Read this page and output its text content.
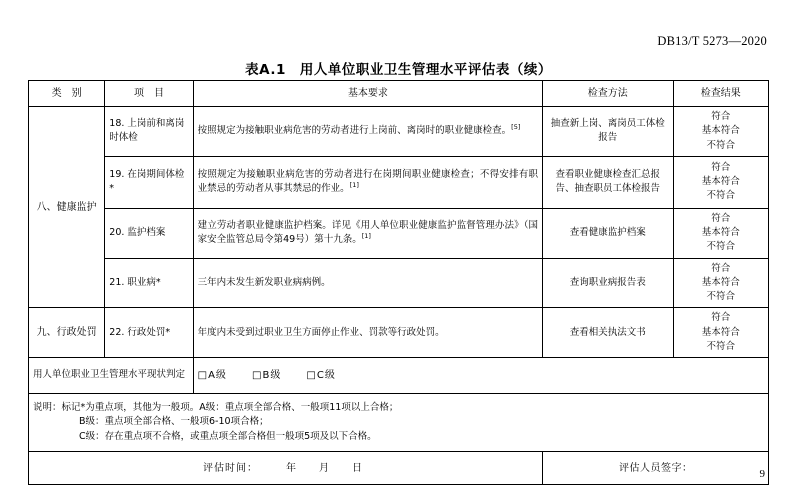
DB13/T 5273—2020
表A.1　用人单位职业卫生管理水平评估表（续）
类　别	项　目	基本要求	检查方法	检查结果
八、健康监护	18. 上岗前和离岗时体检	按照规定为接触职业病危害的劳动者进行上岗前、离岗时的职业健康检查。[5]	抽查新上岗、离岗员工体检报告	符合
基本符合
不符合

	19. 在岗期间体检*	按照规定为接触职业病危害的劳动者进行在岗期间职业健康检查；不得安排有职业禁忌的劳动者从事其禁忌的作业。[1]	查看职业健康检查汇总报告、抽查职员工体检报告	符合
基本符合
不符合

	20. 监护档案	建立劳动者职业健康监护档案。详见《用人单位职业健康监护监督管理办法》（国家安全监管总局令第49号）第十九条。[1]	查看健康监护档案	符合
基本符合
不符合

	21. 职业病*	三年内未发生新发职业病病例。	查询职业病报告表	符合
基本符合
不符合

九、行政处罚	22. 行政处罚*	年度内未受到过职业卫生方面停止作业、罚款等行政处罚。	查看相关执法文书	符合
基本符合
不符合

用人单位职业卫生管理水平现状判定		□A级 □B级 □C级		

说明：标记*为重点项，其他为一般项。A级：重点项全部合格、一般项11项以上合格；
B级：重点项全部合格、一般项6-10项合格；
C级：存在重点项不合格，或重点项全部合格但一般项5项及以下合格。				

评估时间：　　　年　　月　　日			评估人员签字：		9
